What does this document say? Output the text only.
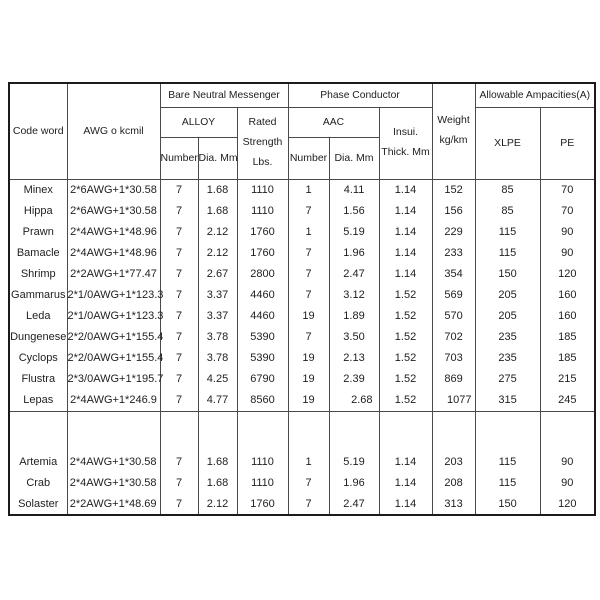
Code word	AWG o kcmil	Bare Neutral Messenger			Phase Conductor			Weight kg/km	Allowable Ampacities(A)	
		ALLOY		Rated Strength Lbs.	AAC		Insui. Thick. Mm		XLPE	PE
		Number	Dia. Mm		Number	Dia. Mm				
Minex	2*6AWG+1*30.58	7	1.68	1110	1	4.11	1.14	152	85	70
Hippa	2*6AWG+1*30.58	7	1.68	1110	7	1.56	1.14	156	85	70
Prawn	2*4AWG+1*48.96	7	2.12	1760	1	5.19	1.14	229	115	90
Bamacle	2*4AWG+1*48.96	7	2.12	1760	7	1.96	1.14	233	115	90
Shrimp	2*2AWG+1*77.47	7	2.67	2800	7	2.47	1.14	354	150	120
Gammarus	2*1/0AWG+1*123.3	7	3.37	4460	7	3.12	1.52	569	205	160
Leda	2*1/0AWG+1*123.3	7	3.37	4460	19	1.89	1.52	570	205	160
Dungenese	2*2/0AWG+1*155.4	7	3.78	5390	7	3.50	1.52	702	235	185
Cyclops	2*2/0AWG+1*155.4	7	3.78	5390	19	2.13	1.52	703	235	185
Flustra	2*3/0AWG+1*195.7	7	4.25	6790	19	2.39	1.52	869	275	215
Lepas	2*4AWG+1*246.9	7	4.77	8560	19	2.68	1.52	1077	315	245

Artemia	2*4AWG+1*30.58	7	1.68	1110	1	5.19	1.14	203	115	90
Crab	2*4AWG+1*30.58	7	1.68	1110	7	1.96	1.14	208	115	90
Solaster	2*2AWG+1*48.69	7	2.12	1760	7	2.47	1.14	313	150	120
